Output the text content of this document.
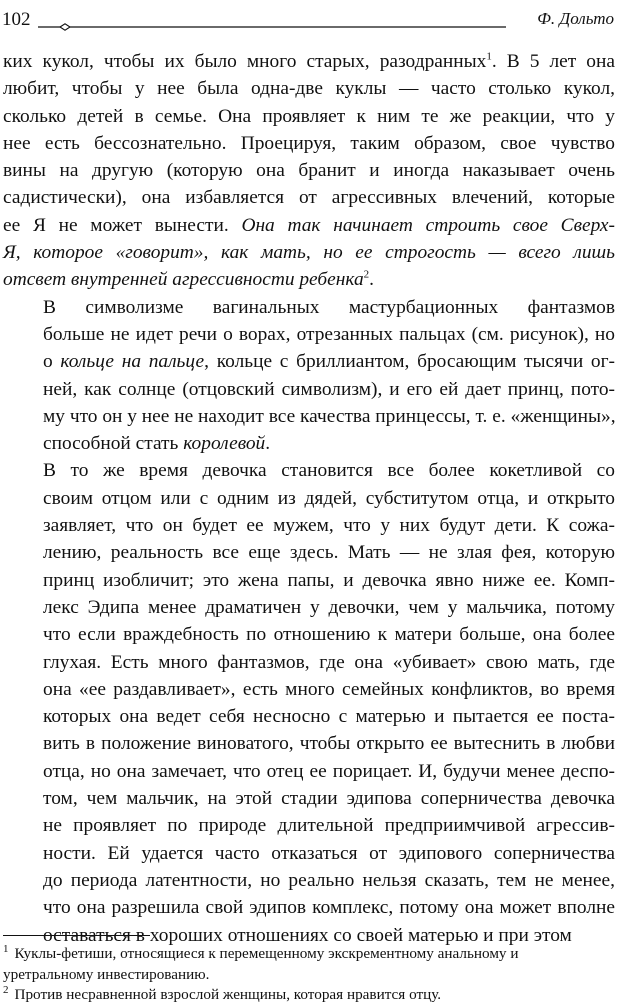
102	Ф. Дольто

ких кукол, чтобы их было много старых, разодранных$^1$. В 5 лет она
любит, чтобы у нее была одна-две куклы — часто столько кукол,
сколько детей в семье. Она проявляет к ним те же реакции, что у
нее есть бессознательно. Проецируя, таким образом, свое чувство
вины на другую (которую она бранит и иногда наказывает очень
садистически), она избавляется от агрессивных влечений, которые
ее Я не может вынести. Она так начинает строить свое Сверх-
Я, которое «говорит», как мать, но ее строгость — всего лишь
отсвет внутренней агрессивности ребенка$^2$.

В символизме вагинальных мастурбационных фантазмов
больше не идет речи о ворах, отрезанных пальцах (см. рисунок), но
о кольце на пальце, кольце с бриллиантом, бросающим тысячи ог-
ней, как солнце (отцовский символизм), и его ей дает принц, пото-
му что он у нее не находит все качества принцессы, т. е. «женщины»,
способной стать королевой.

В то же время девочка становится все более кокетливой со
своим отцом или с одним из дядей, субститутом отца, и открыто
заявляет, что он будет ее мужем, что у них будут дети. К сожа-
лению, реальность все еще здесь. Мать — не злая фея, которую
принц изобличит; это жена папы, и девочка явно ниже ее. Комп-
лекс Эдипа менее драматичен у девочки, чем у мальчика, потому
что если враждебность по отношению к матери больше, она более
глухая. Есть много фантазмов, где она «убивает» свою мать, где
она «ее раздавливает», есть много семейных конфликтов, во время
которых она ведет себя несносно с матерью и пытается ее поста-
вить в положение виноватого, чтобы открыто ее вытеснить в любви
отца, но она замечает, что отец ее порицает. И, будучи менее деспо-
том, чем мальчик, на этой стадии эдипова соперничества девочка
не проявляет по природе длительной предприимчивой агрессив-
ности. Ей удается часто отказаться от эдипового соперничества
до периода латентности, но реально нельзя сказать, тем не менее,
что она разрешила свой эдипов комплекс, потому она может вполне
оставаться в хороших отношениях со своей матерью и при этом

$^1$ Куклы-фетиши, относящиеся к перемещенному экскрементному анальному и
уретральному инвестированию.

$^2$ Против несравненной взрослой женщины, которая нравится отцу.
